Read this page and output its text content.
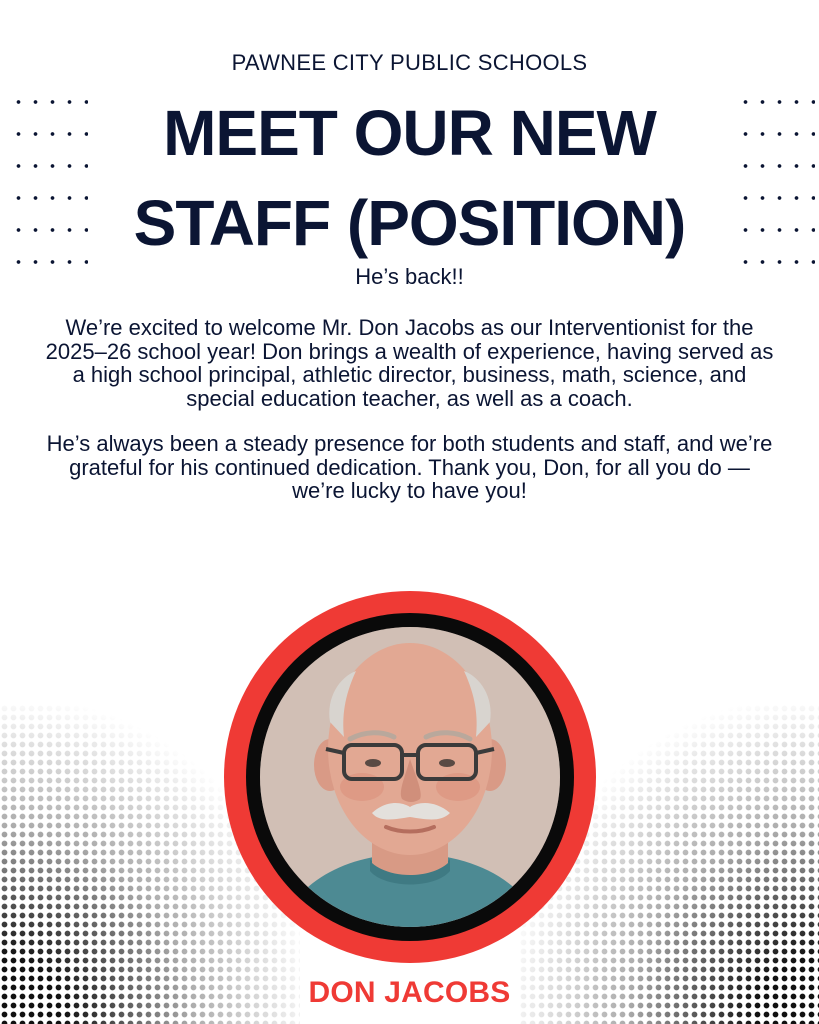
PAWNEE CITY PUBLIC SCHOOLS
MEET OUR NEW
STAFF (POSITION)
He’s back!!

We’re excited to welcome Mr. Don Jacobs as our Interventionist for the 2025–26 school year! Don brings a wealth of experience, having served as a high school principal, athletic director, business, math, science, and special education teacher, as well as a coach.

He’s always been a steady presence for both students and staff, and we’re grateful for his continued dedication. Thank you, Don, for all you do — we’re lucky to have you!

DON JACOBS
